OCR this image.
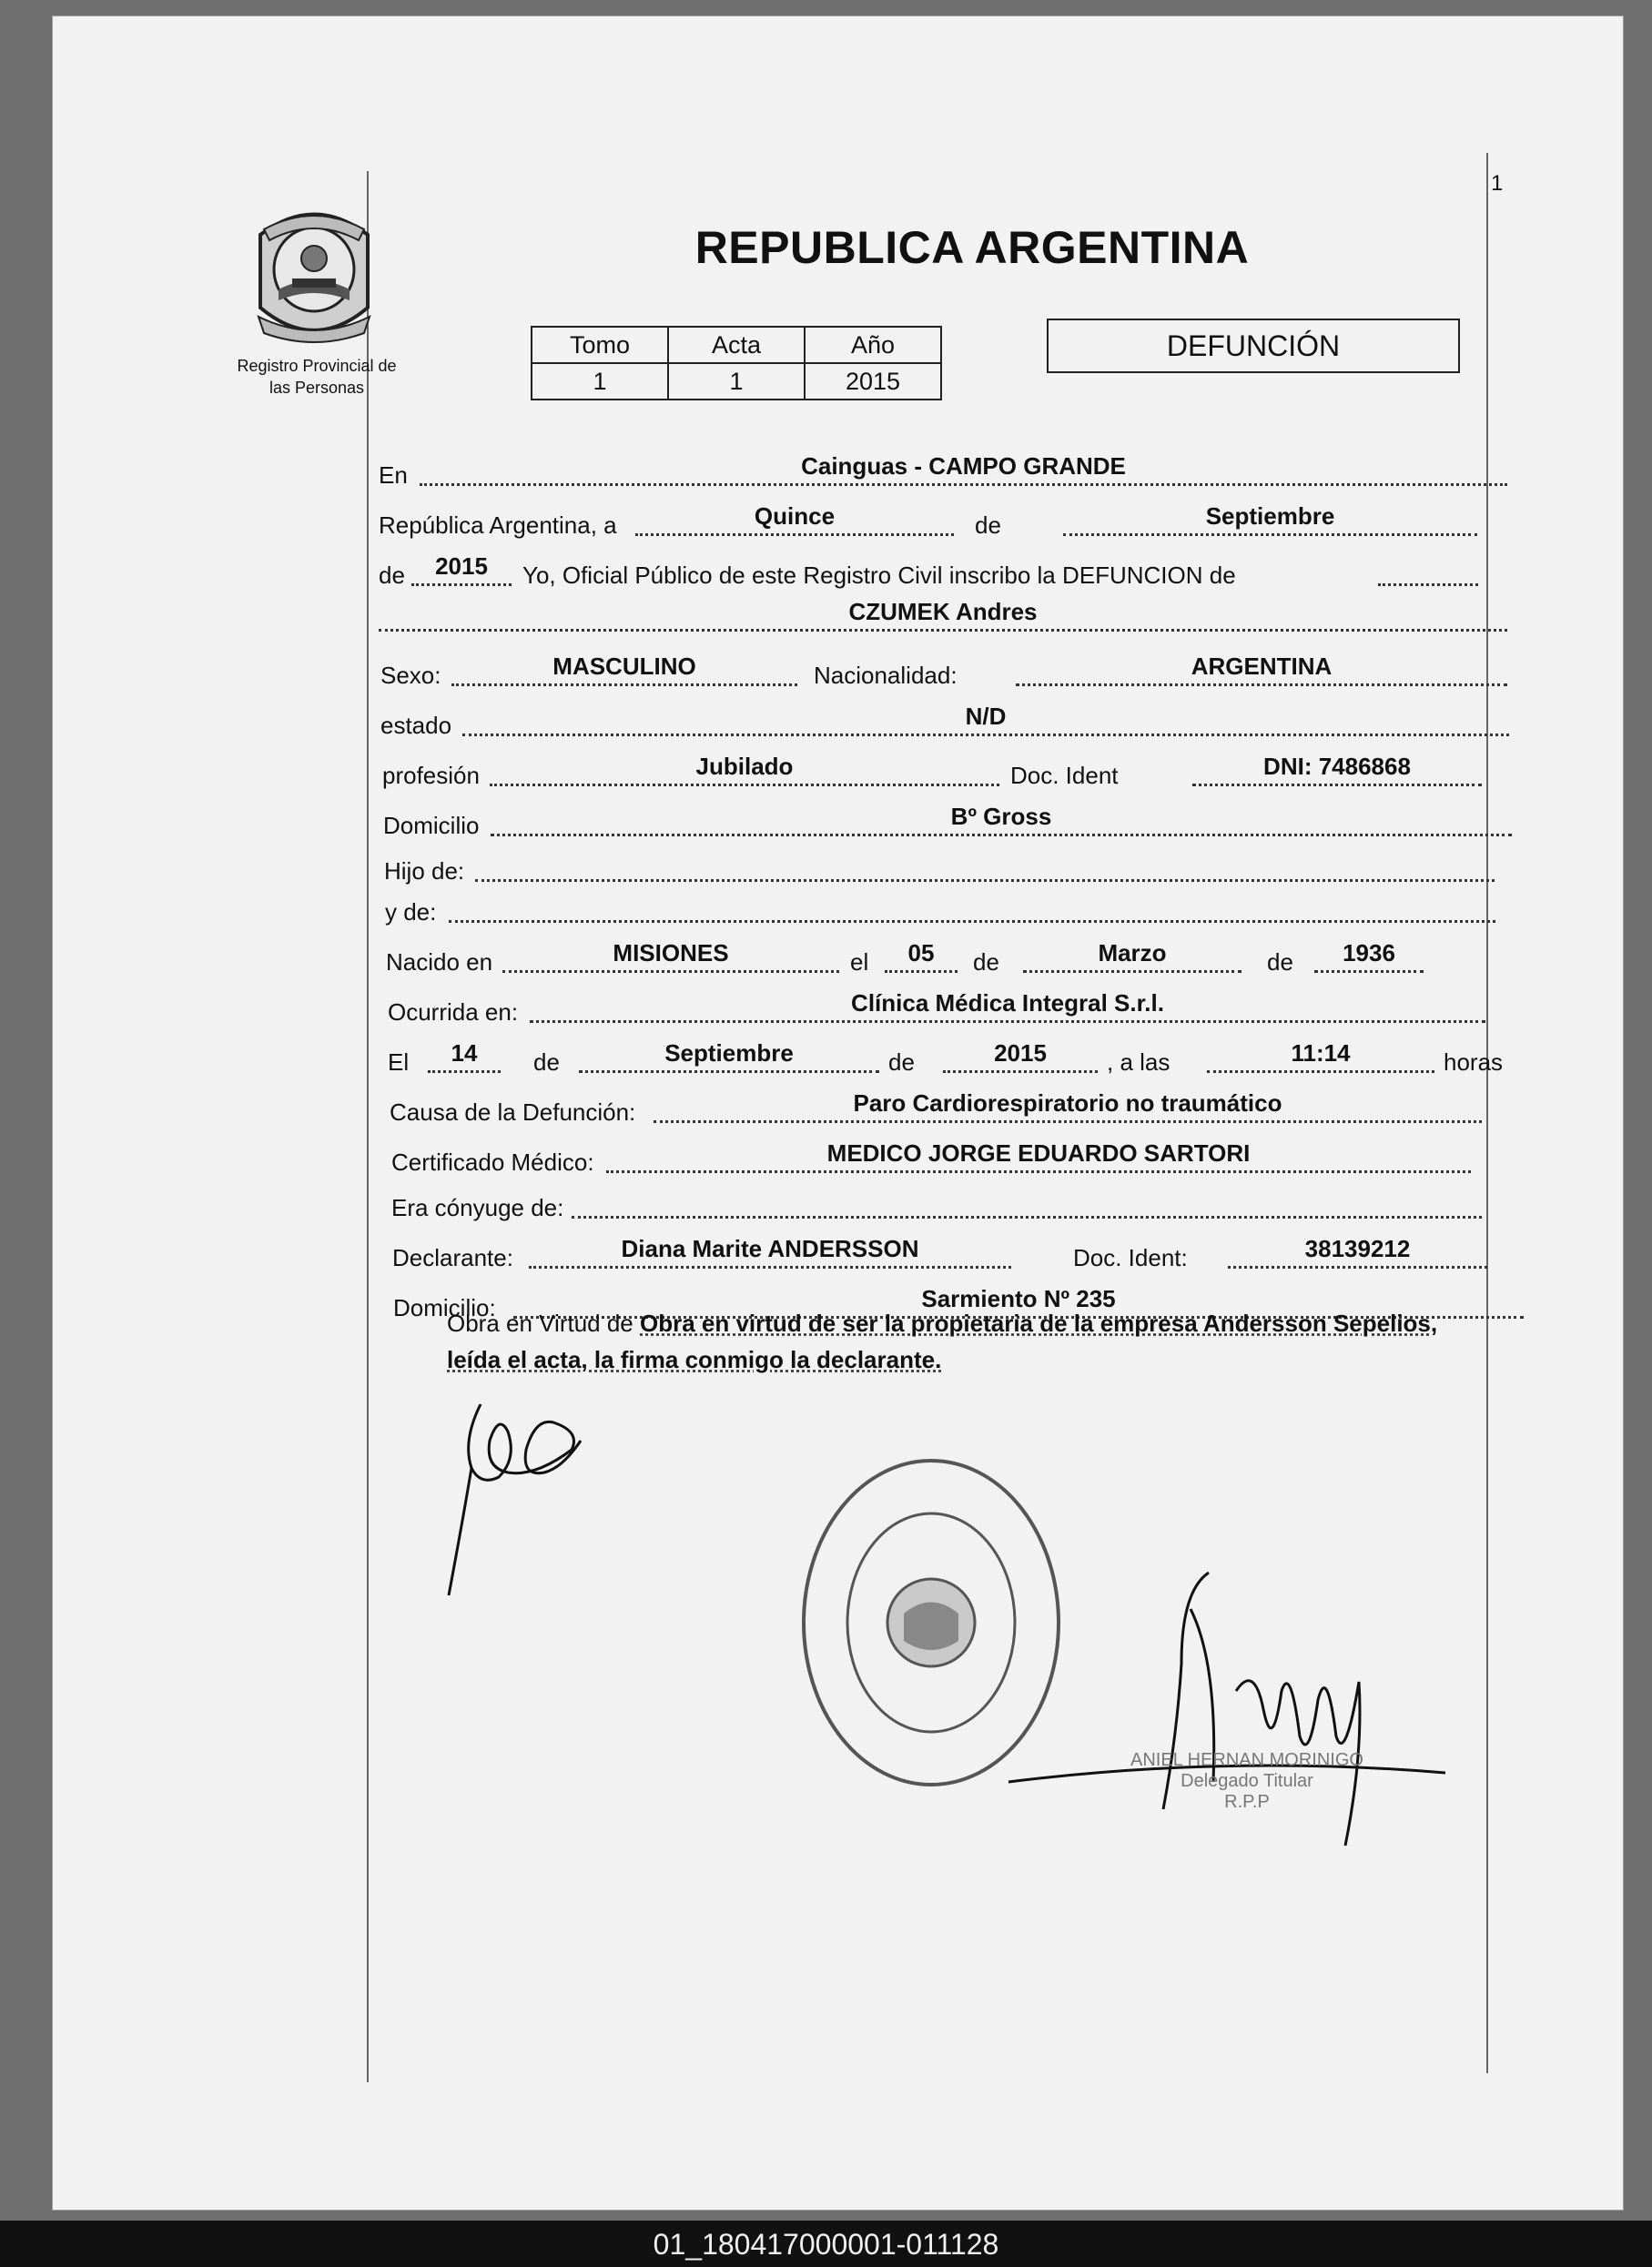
1
Registro Provincial de
las Personas
REPUBLICA ARGENTINA
Tomo	Acta	Año
1	1	2015
DEFUNCIÓN
En	Cainguas - CAMPO GRANDE
República Argentina, a	Quince	de	Septiembre
de	2015	Yo, Oficial Público de este Registro Civil inscribo la DEFUNCION de
CZUMEK Andres
Sexo:	MASCULINO	Nacionalidad:	ARGENTINA
estado	N/D
profesión	Jubilado	Doc. Ident	DNI: 7486868
Domicilio	Bº Gross
Hijo de:
y de:
Nacido en	MISIONES	el	05	de	Marzo	de	1936
Ocurrida en:	Clínica Médica Integral S.r.l.
El	14	de	Septiembre	de	2015	, a las	11:14	horas
Causa de la Defunción:	Paro Cardiorespiratorio no traumático
Certificado Médico:	MEDICO JORGE EDUARDO SARTORI
Era cónyuge de:
Declarante:	Diana Marite ANDERSSON	Doc. Ident:	38139212
Domicilio:	Sarmiento Nº 235
Obra en Virtud de Obra en virtud de ser la propietaria de la empresa Andersson Sepelios,
leída el acta, la firma conmigo la declarante.
ANIEL HERNAN MORINIGO
Delegado Titular
R.P.P
01_180417000001-011128
